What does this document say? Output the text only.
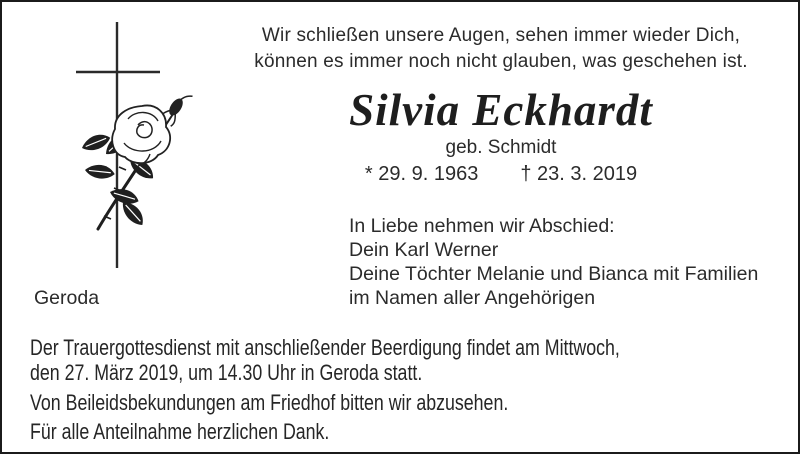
Wir schließen unsere Augen, sehen immer wieder Dich,
können es immer noch nicht glauben, was geschehen ist.
Silvia Eckhardt
geb. Schmidt
* 29. 9. 1963 † 23. 3. 2019
In Liebe nehmen wir Abschied:
Dein Karl Werner
Deine Töchter Melanie und Bianca mit Familien
im Namen aller Angehörigen
Geroda
Der Trauergottesdienst mit anschließender Beerdigung findet am Mittwoch,
den 27. März 2019, um 14.30 Uhr in Geroda statt.
Von Beileidsbekundungen am Friedhof bitten wir abzusehen.
Für alle Anteilnahme herzlichen Dank.
